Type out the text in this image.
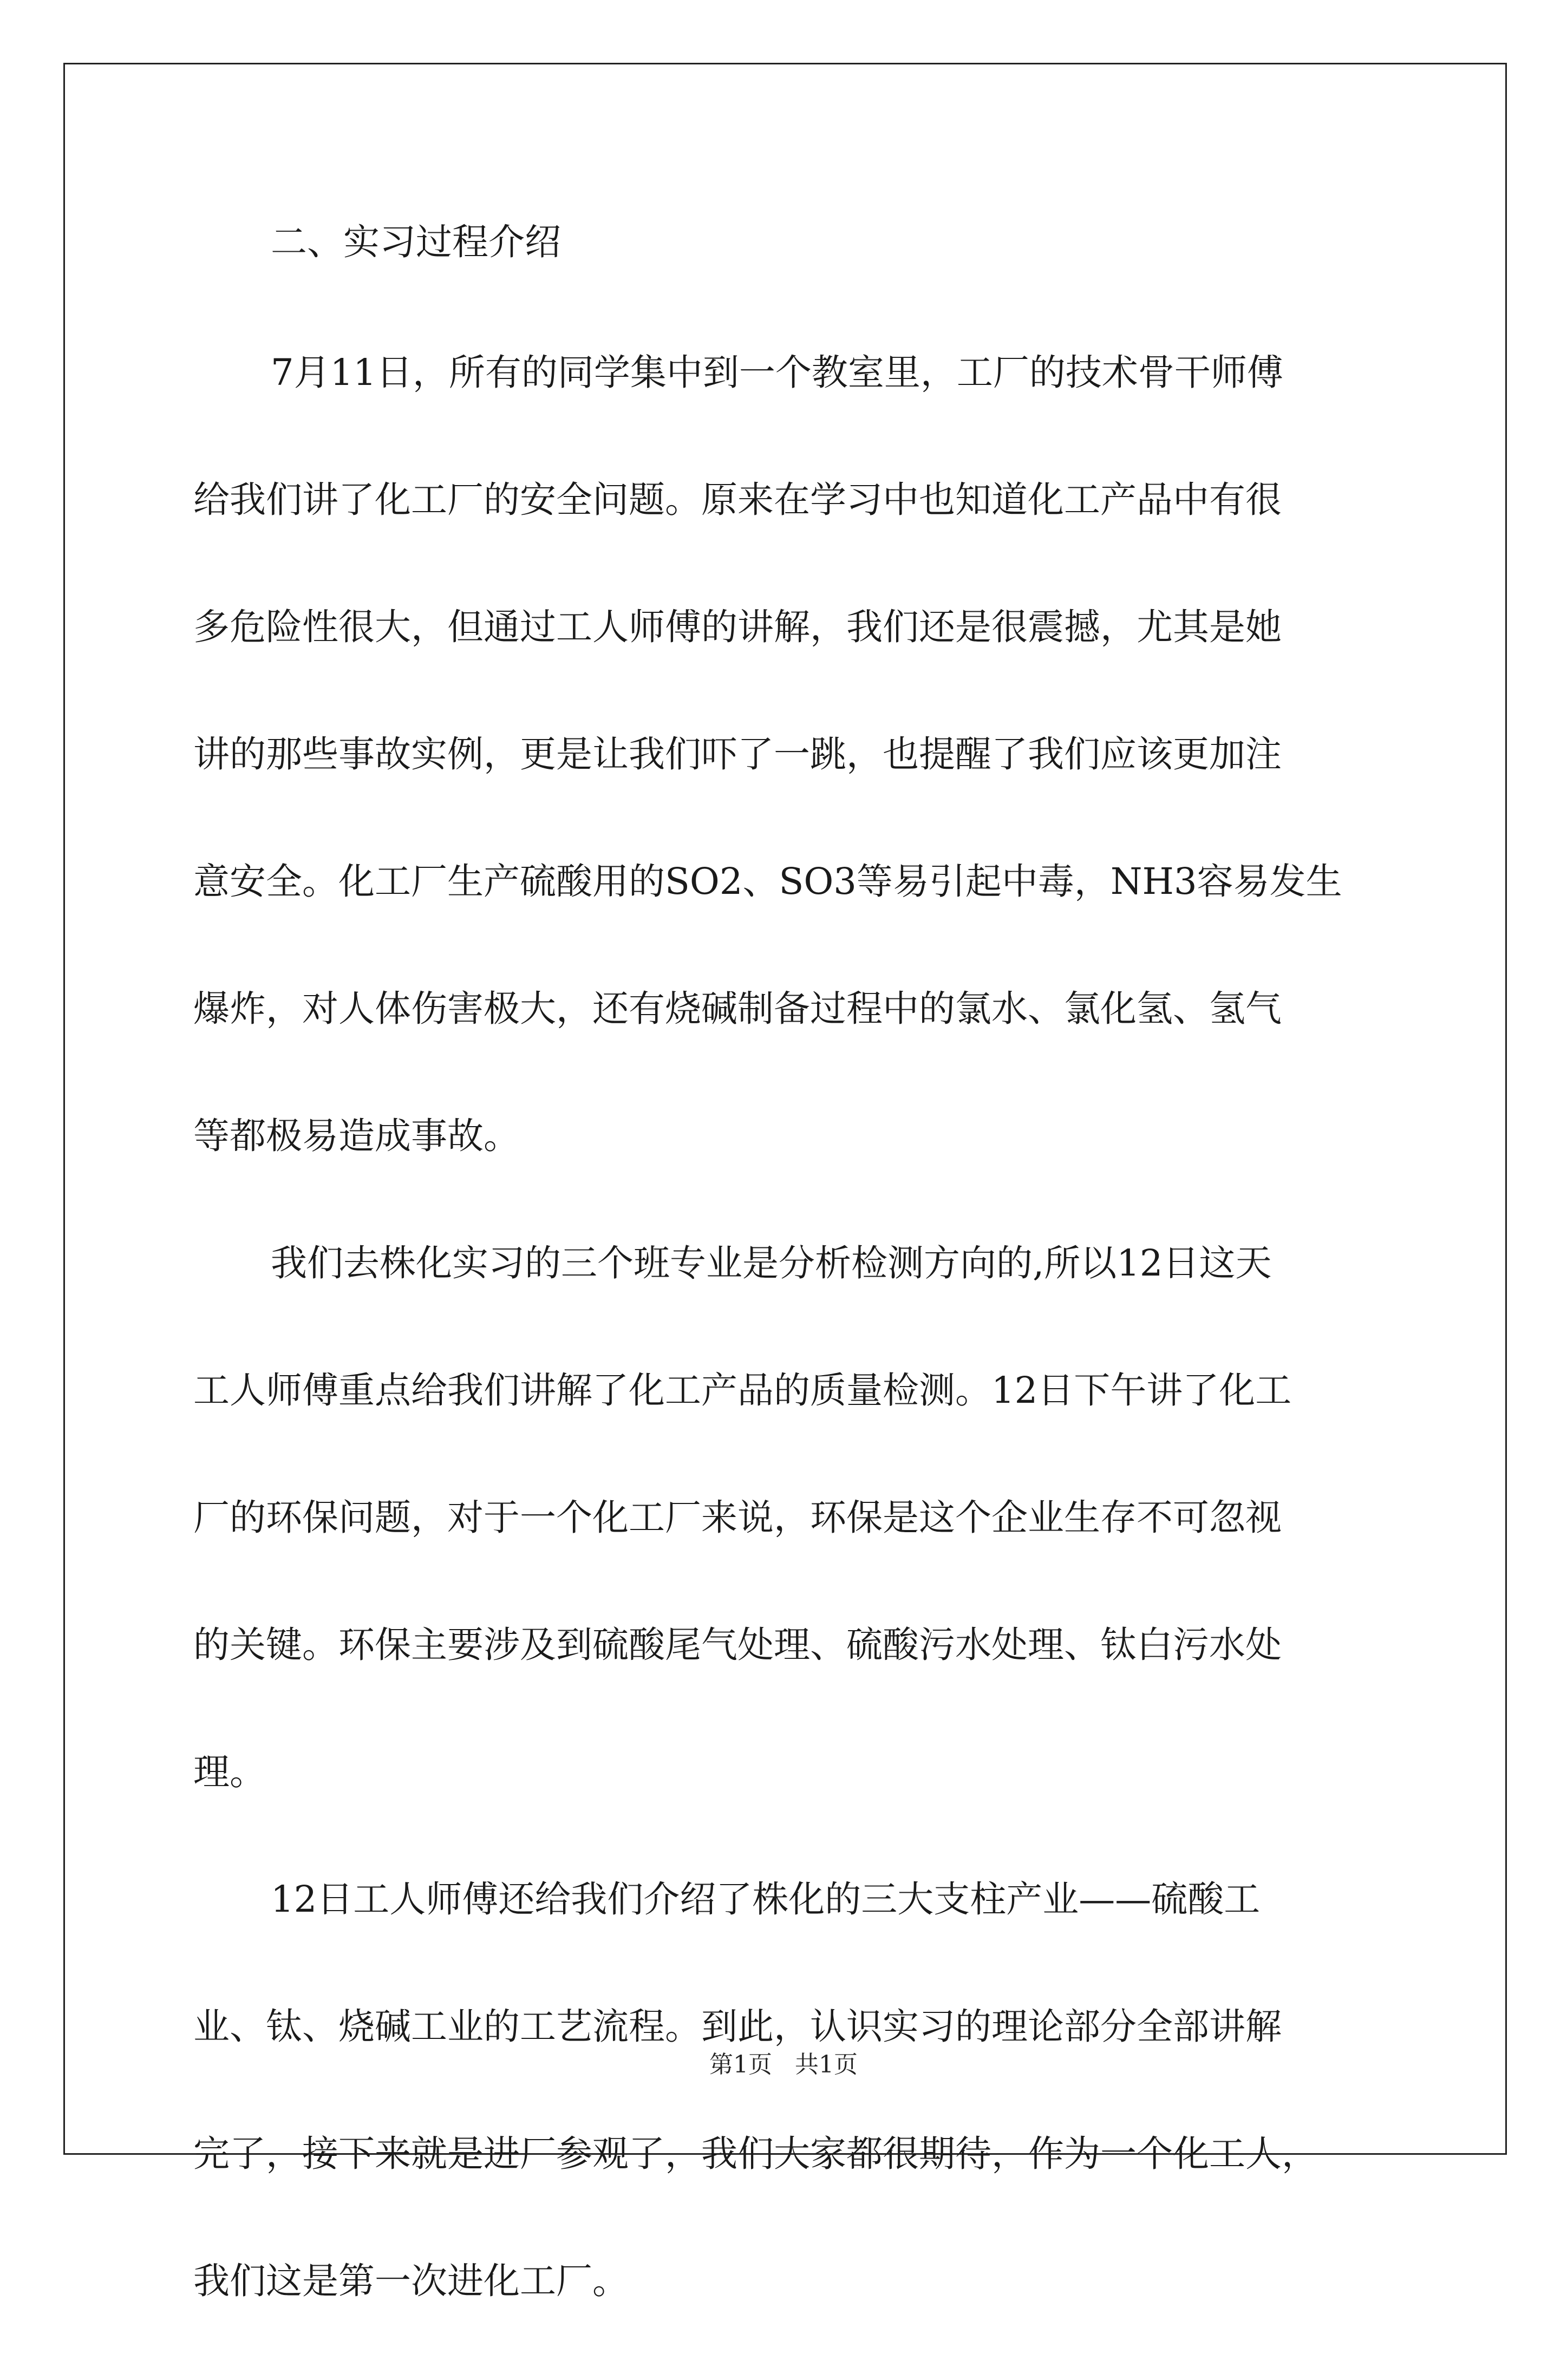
二、实习过程介绍
7月11日，所有的同学集中到一个教室里，工厂的技术骨干师傅
给我们讲了化工厂的安全问题。原来在学习中也知道化工产品中有很
多危险性很大，但通过工人师傅的讲解，我们还是很震撼，尤其是她
讲的那些事故实例，更是让我们吓了一跳，也提醒了我们应该更加注
意安全。化工厂生产硫酸用的SO2、SO3等易引起中毒，NH3容易发生
爆炸，对人体伤害极大，还有烧碱制备过程中的氯水、氯化氢、氢气
等都极易造成事故。
我们去株化实习的三个班专业是分析检测方向的,所以12日这天
工人师傅重点给我们讲解了化工产品的质量检测。12日下午讲了化工
厂的环保问题，对于一个化工厂来说，环保是这个企业生存不可忽视
的关键。环保主要涉及到硫酸尾气处理、硫酸污水处理、钛白污水处
理。
12日工人师傅还给我们介绍了株化的三大支柱产业——硫酸工
业、钛、烧碱工业的工艺流程。到此，认识实习的理论部分全部讲解
完了，接下来就是进厂参观了，我们大家都很期待，作为一个化工人，
我们这是第一次进化工厂。
第1页 共1页
